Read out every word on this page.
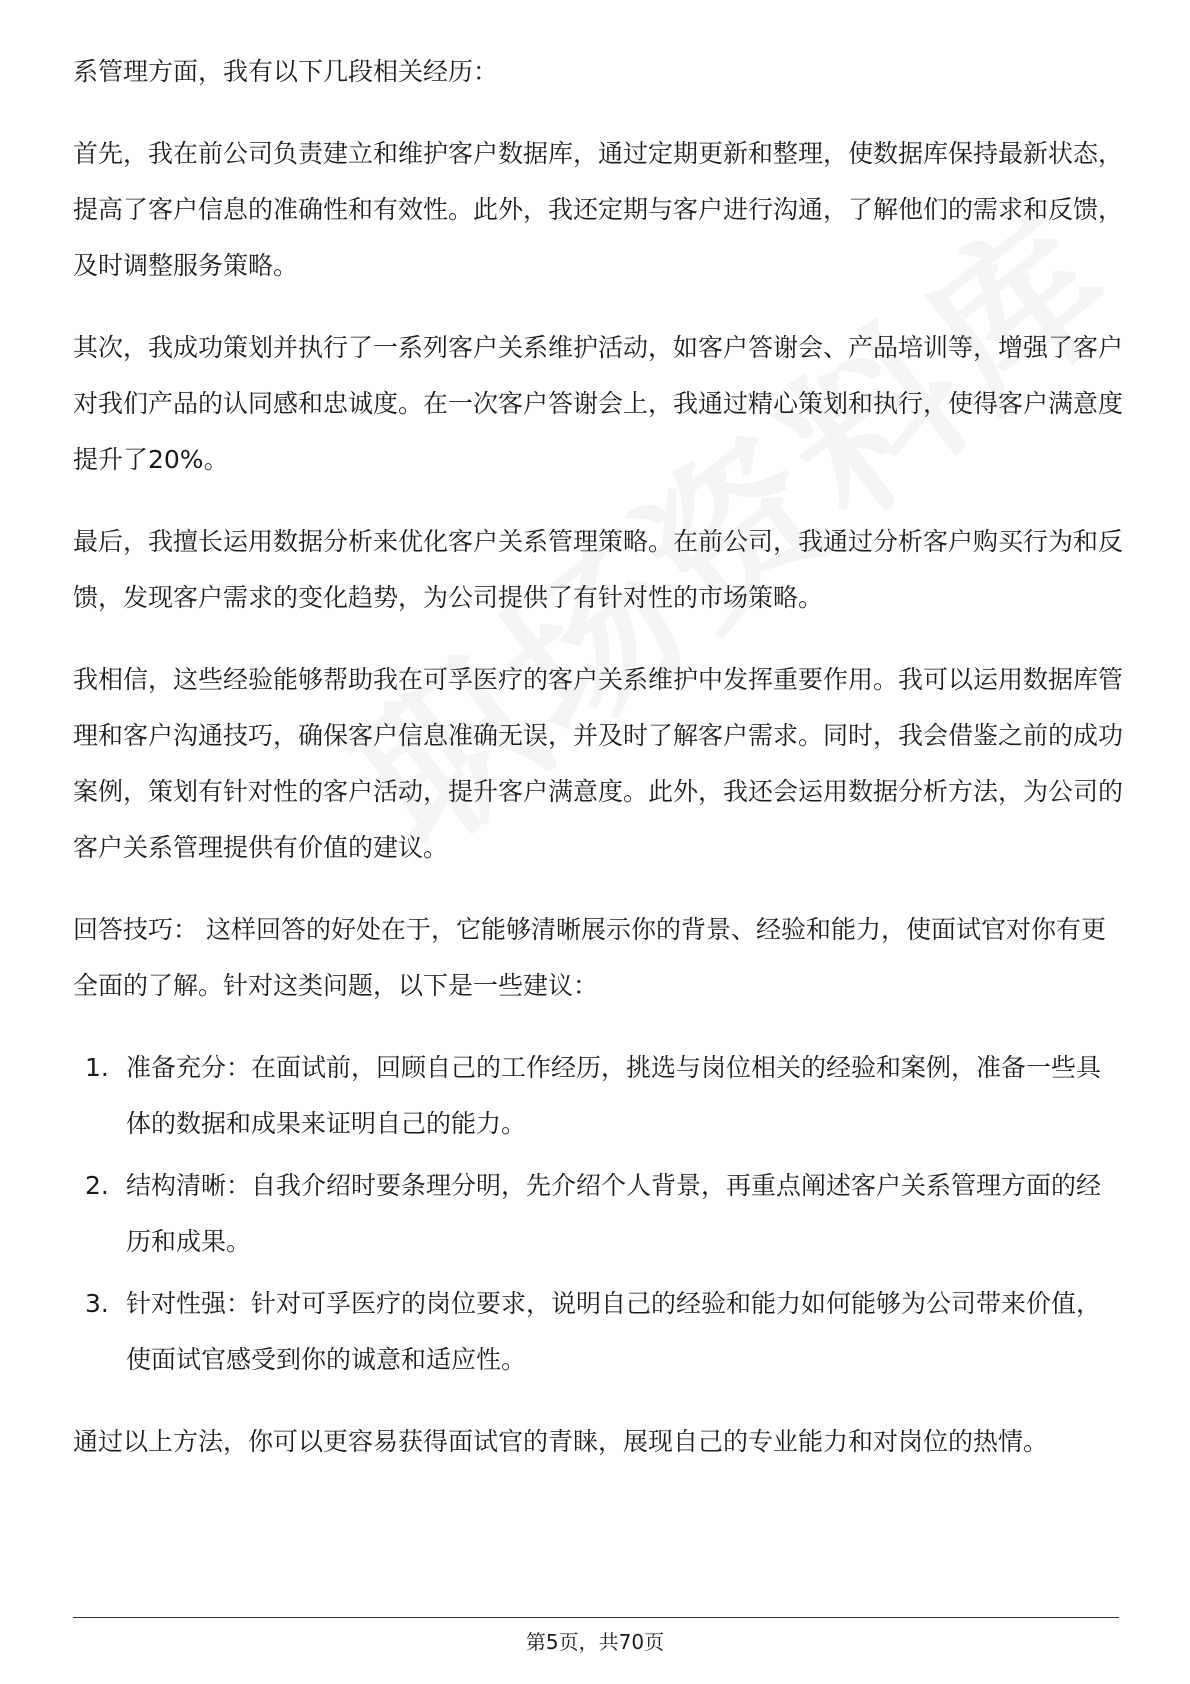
系管理方面，我有以下几段相关经历：

首先，我在前公司负责建立和维护客户数据库，通过定期更新和整理，使数据库保持最新状态，提高了客户信息的准确性和有效性。此外，我还定期与客户进行沟通，了解他们的需求和反馈，及时调整服务策略。

其次，我成功策划并执行了一系列客户关系维护活动，如客户答谢会、产品培训等，增强了客户对我们产品的认同感和忠诚度。在一次客户答谢会上，我通过精心策划和执行，使得客户满意度提升了20%。

最后，我擅长运用数据分析来优化客户关系管理策略。在前公司，我通过分析客户购买行为和反馈，发现客户需求的变化趋势，为公司提供了有针对性的市场策略。

我相信，这些经验能够帮助我在可孚医疗的客户关系维护中发挥重要作用。我可以运用数据库管理和客户沟通技巧，确保客户信息准确无误，并及时了解客户需求。同时，我会借鉴之前的成功案例，策划有针对性的客户活动，提升客户满意度。此外，我还会运用数据分析方法，为公司的客户关系管理提供有价值的建议。

回答技巧： 这样回答的好处在于，它能够清晰展示你的背景、经验和能力，使面试官对你有更全面的了解。针对这类问题，以下是一些建议：

1. 准备充分：在面试前，回顾自己的工作经历，挑选与岗位相关的经验和案例，准备一些具体的数据和成果来证明自己的能力。
2. 结构清晰：自我介绍时要条理分明，先介绍个人背景，再重点阐述客户关系管理方面的经历和成果。
3. 针对性强：针对可孚医疗的岗位要求，说明自己的经验和能力如何能够为公司带来价值，使面试官感受到你的诚意和适应性。

通过以上方法，你可以更容易获得面试官的青睐，展现自己的专业能力和对岗位的热情。

第5页，共70页
